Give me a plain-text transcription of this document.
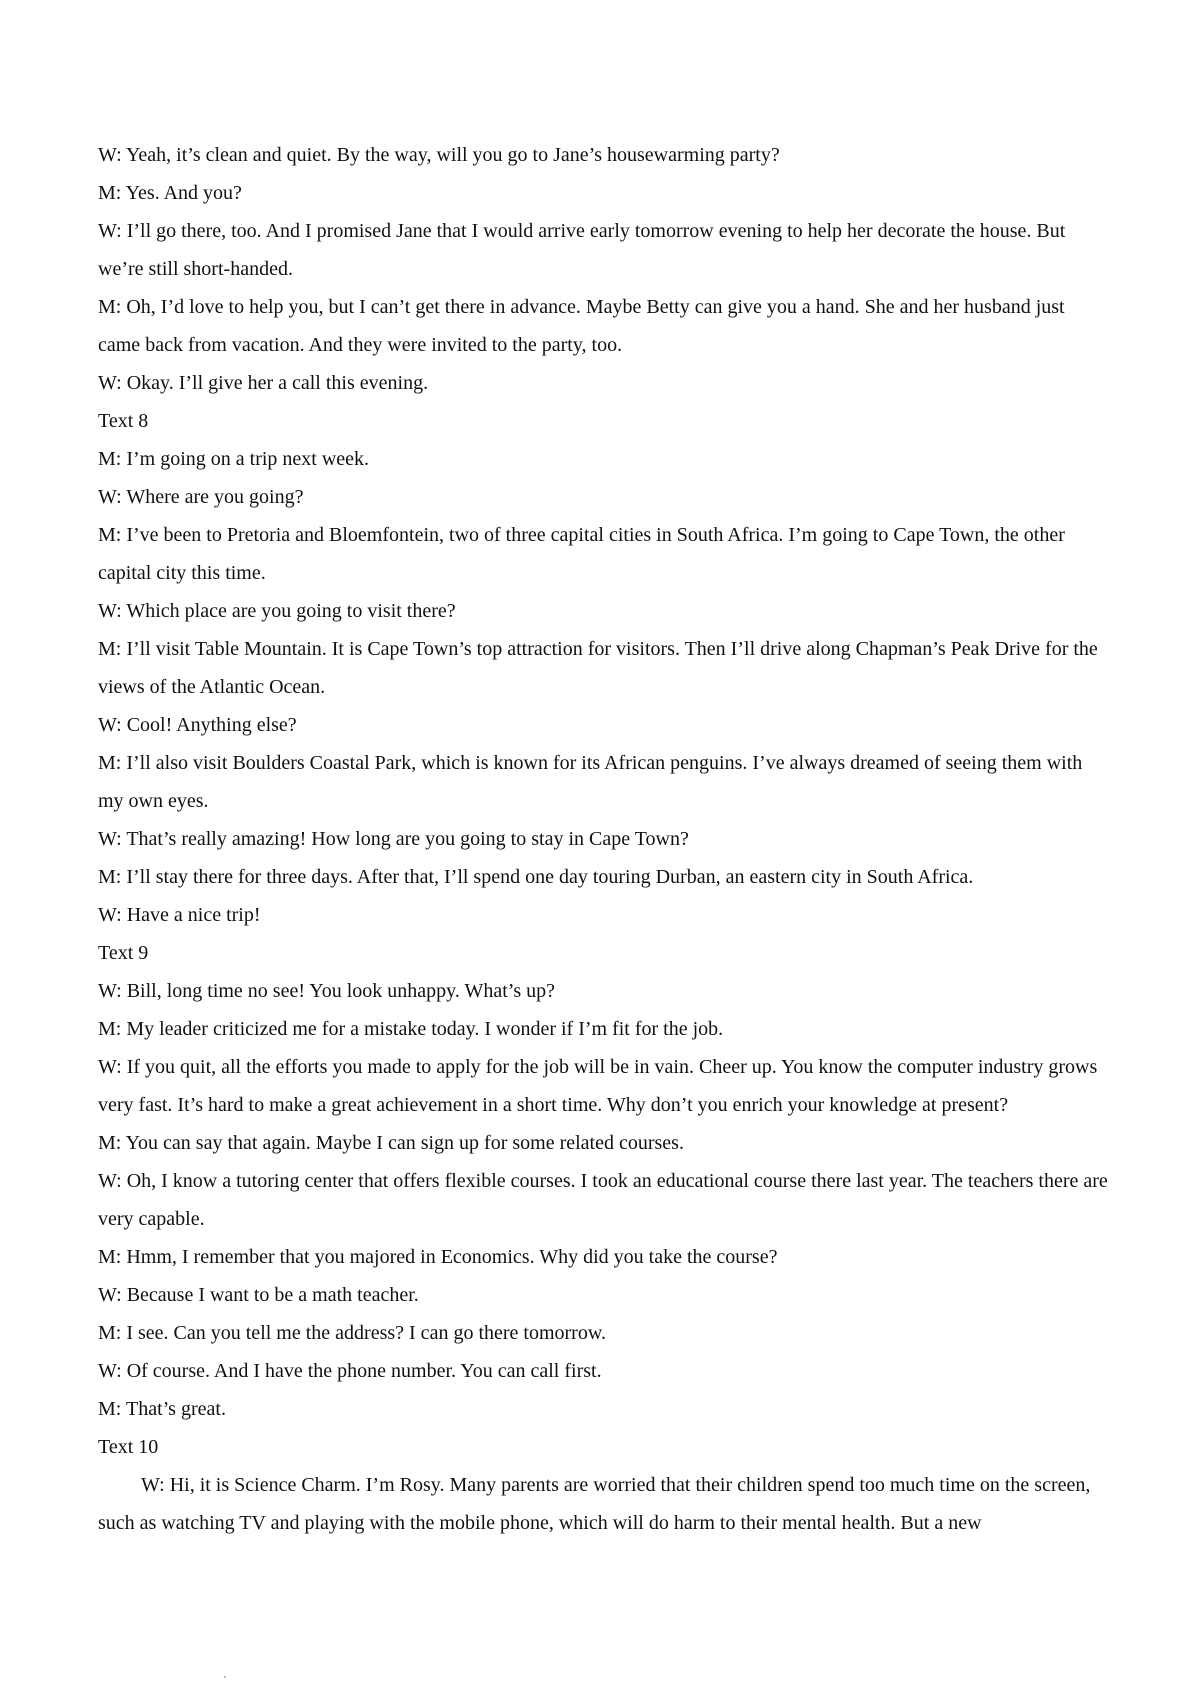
W: Yeah, it’s clean and quiet. By the way, will you go to Jane’s housewarming party?

M: Yes. And you?

W: I’ll go there, too. And I promised Jane that I would arrive early tomorrow evening to help her decorate the house. But we’re still short-handed.

M: Oh, I’d love to help you, but I can’t get there in advance. Maybe Betty can give you a hand. She and her husband just came back from vacation. And they were invited to the party, too.

W: Okay. I’ll give her a call this evening.

Text 8

M: I’m going on a trip next week.

W: Where are you going?

M: I’ve been to Pretoria and Bloemfontein, two of three capital cities in South Africa. I’m going to Cape Town, the other capital city this time.

W: Which place are you going to visit there?

M: I’ll visit Table Mountain. It is Cape Town’s top attraction for visitors. Then I’ll drive along Chapman’s Peak Drive for the views of the Atlantic Ocean.

W: Cool! Anything else?

M: I’ll also visit Boulders Coastal Park, which is known for its African penguins. I’ve always dreamed of seeing them with my own eyes.

W: That’s really amazing! How long are you going to stay in Cape Town?

M: I’ll stay there for three days. After that, I’ll spend one day touring Durban, an eastern city in South Africa.

W: Have a nice trip!

Text 9

W: Bill, long time no see! You look unhappy. What’s up?

M: My leader criticized me for a mistake today. I wonder if I’m fit for the job.

W: If you quit, all the efforts you made to apply for the job will be in vain. Cheer up. You know the computer industry grows very fast. It’s hard to make a great achievement in a short time. Why don’t you enrich your knowledge at present?

M: You can say that again. Maybe I can sign up for some related courses.

W: Oh, I know a tutoring center that offers flexible courses. I took an educational course there last year. The teachers there are very capable.

M: Hmm, I remember that you majored in Economics. Why did you take the course?

W: Because I want to be a math teacher.

M: I see. Can you tell me the address? I can go there tomorrow.

W: Of course. And I have the phone number. You can call first.

M: That’s great.

Text 10

W: Hi, it is Science Charm. I’m Rosy. Many parents are worried that their children spend too much time on the screen, such as watching TV and playing with the mobile phone, which will do harm to their mental health. But a new
